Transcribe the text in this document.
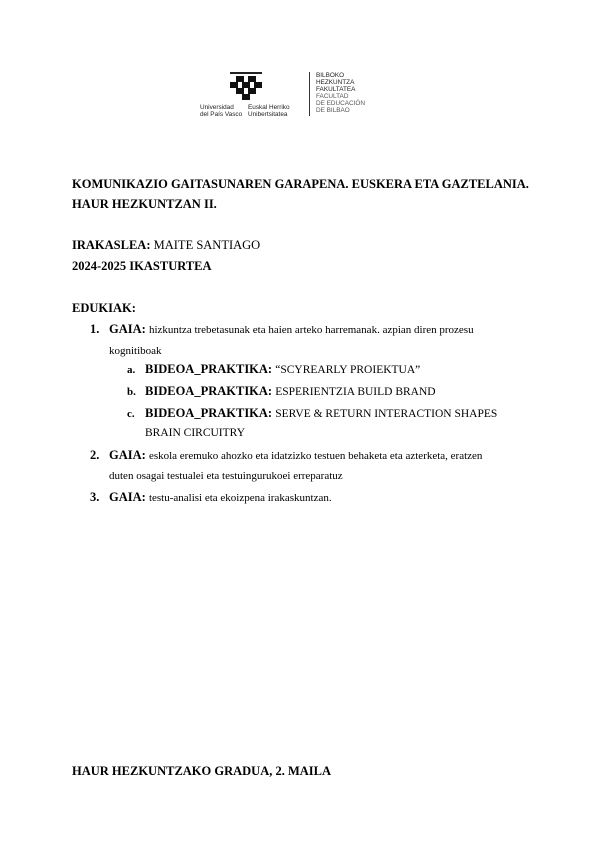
Universidad
del País Vasco
Euskal Herriko
Unibertsitatea
BILBOKO
HEZKUNTZA
FAKULTATEA
FACULTAD
DE EDUCACIÓN
DE BILBAO
KOMUNIKAZIO GAITASUNAREN GARAPENA. EUSKERA ETA GAZTELANIA.
HAUR HEZKUNTZAN II.
IRAKASLEA: MAITE SANTIAGO
2024-2025 IKASTURTEA
EDUKIAK:
1. GAIA: hizkuntza trebetasunak eta haien arteko harremanak. azpian diren prozesu
kognitiboak
a. BIDEOA_PRAKTIKA: “SCYREARLY PROIEKTUA”
b. BIDEOA_PRAKTIKA: ESPERIENTZIA BUILD BRAND
c. BIDEOA_PRAKTIKA: SERVE & RETURN INTERACTION SHAPES
BRAIN CIRCUITRY
2. GAIA: eskola eremuko ahozko eta idatzizko testuen behaketa eta azterketa, eratzen
duten osagai testualei eta testuingurukoei erreparatuz
3. GAIA: testu-analisi eta ekoizpena irakaskuntzan.
HAUR HEZKUNTZAKO GRADUA, 2. MAILA
